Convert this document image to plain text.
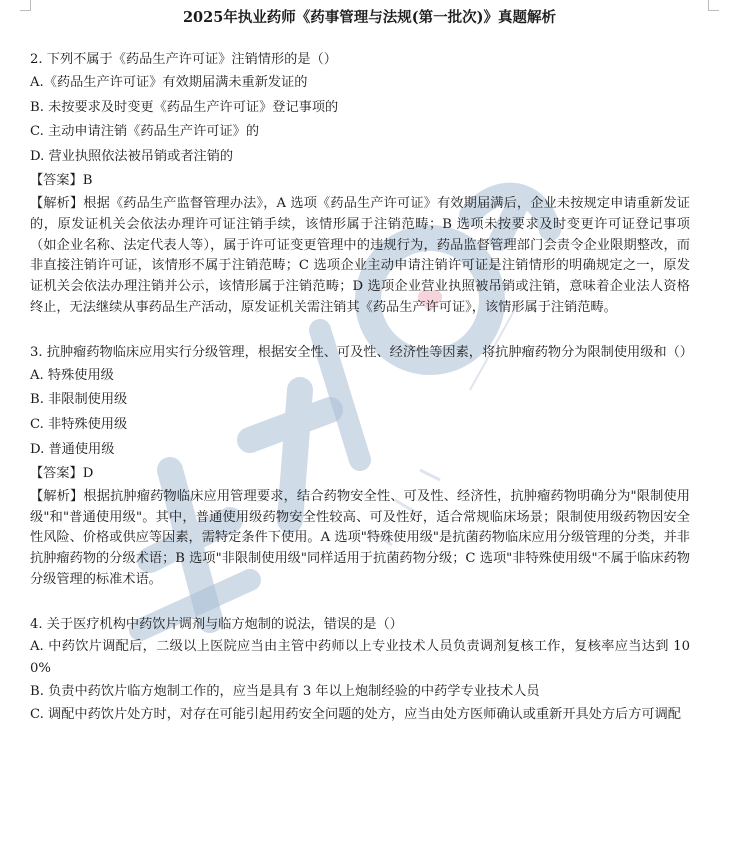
2025年执业药师《药事管理与法规(第一批次)》真题解析
2. 下列不属于《药品生产许可证》注销情形的是（）
A.《药品生产许可证》有效期届满未重新发证的
B. 未按要求及时变更《药品生产许可证》登记事项的
C. 主动申请注销《药品生产许可证》的
D. 营业执照依法被吊销或者注销的
【答案】B
【解析】根据《药品生产监督管理办法》，A 选项《药品生产许可证》有效期届满后，企业未按规定申请重新发证的，原发证机关会依法办理许可证注销手续，该情形属于注销范畴；B 选项未按要求及时变更许可证登记事项（如企业名称、法定代表人等），属于许可证变更管理中的违规行为，药品监督管理部门会责令企业限期整改，而非直接注销许可证，该情形不属于注销范畴；C 选项企业主动申请注销许可证是注销情形的明确规定之一，原发证机关会依法办理注销并公示，该情形属于注销范畴；D 选项企业营业执照被吊销或注销，意味着企业法人资格终止，无法继续从事药品生产活动，原发证机关需注销其《药品生产许可证》，该情形属于注销范畴。
3. 抗肿瘤药物临床应用实行分级管理，根据安全性、可及性、经济性等因素，将抗肿瘤药物分为限制使用级和（）
A. 特殊使用级
B. 非限制使用级
C. 非特殊使用级
D. 普通使用级
【答案】D
【解析】根据抗肿瘤药物临床应用管理要求，结合药物安全性、可及性、经济性，抗肿瘤药物明确分为"限制使用级"和"普通使用级"。其中，普通使用级药物安全性较高、可及性好，适合常规临床场景；限制使用级药物因安全性风险、价格或供应等因素，需特定条件下使用。A 选项"特殊使用级"是抗菌药物临床应用分级管理的分类，并非抗肿瘤药物的分级术语；B 选项"非限制使用级"同样适用于抗菌药物分级；C 选项"非特殊使用级"不属于临床药物分级管理的标准术语。
4. 关于医疗机构中药饮片调剂与临方炮制的说法，错误的是（）
A. 中药饮片调配后，二级以上医院应当由主管中药师以上专业技术人员负责调剂复核工作，复核率应当达到 100%
B. 负责中药饮片临方炮制工作的，应当是具有 3 年以上炮制经验的中药学专业技术人员
C. 调配中药饮片处方时，对存在可能引起用药安全问题的处方，应当由处方医师确认或重新开具处方后方可调配
